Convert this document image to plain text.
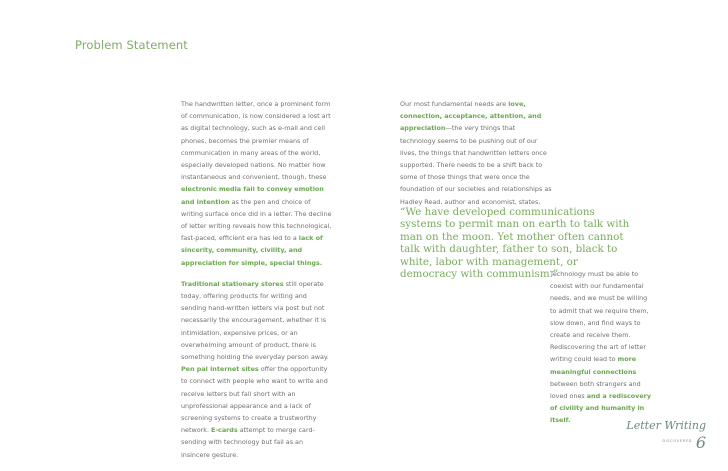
Problem Statement

The handwritten letter, once a prominent form of communication, is now considered a lost art as digital technology, such as e-mail and cell phones, becomes the premier means of communication in many areas of the world, especially developed nations. No matter how instantaneous and convenient, though, these electronic media fail to convey emotion and intention as the pen and choice of writing surface once did in a letter. The decline of letter writing reveals how this technological, fast-paced, efficient era has led to a lack of sincerity, community, civility, and appreciation for simple, special things.

Traditional stationary stores still operate today, offering products for writing and sending hand-written letters via post but not necessarily the encouragement, whether it is intimidation, expensive prices, or an overwhelming amount of product, there is something holding the everyday person away. Pen pal internet sites offer the opportunity to connect with people who want to write and receive letters but fall short with an unprofessional appearance and a lack of screening systems to create a trustworthy network. E-cards attempt to merge card-sending with technology but fail as an insincere gesture.

Our most fundamental needs are love, connection, acceptance, attention, and appreciation—the very things that technology seems to be pushing out of our lives, the things that handwritten letters once supported. There needs to be a shift back to some of those things that were once the foundation of our societies and relationships as Hadley Read, author and economist, states,

“We have developed communications systems to permit man on earth to talk with man on the moon. Yet mother often cannot talk with daughter, father to son, black to white, labor with management, or democracy with communism.”

Technology must be able to coexist with our fundamental needs, and we must be willing to admit that we require them, slow down, and find ways to create and receive them. Rediscovering the art of letter writing could lead to more meaningful connections between both strangers and loved ones and a rediscovery of civility and humanity in itself.	Letter Writing
DISCOVERED 6
